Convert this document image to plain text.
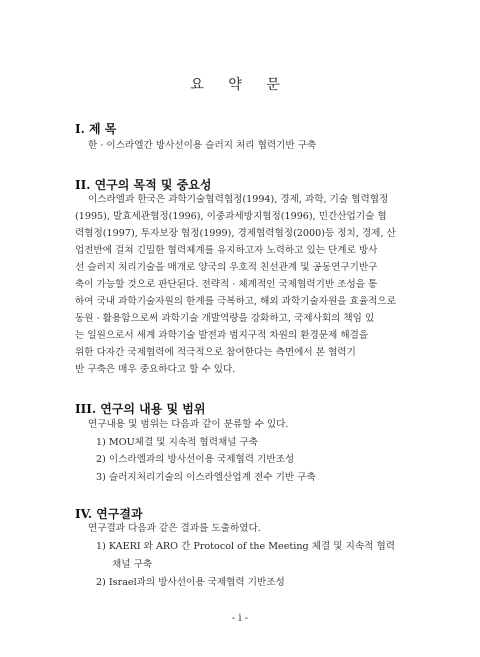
요 약 문
I. 제 목
한 · 이스라엘간 방사선이용 슬러지 처리 협력기반 구축
II. 연구의 목적 및 중요성
이스라엘과 한국은 과학기술협력협정(1994), 경제, 과학, 기술 협력협정
(1995), 발효세관협정(1996), 이중과세방지협정(1996), 민간산업기술 협
력협정(1997), 투자보장 협정(1999), 경제협력협정(2000)등 정치, 경제, 산
업전반에 걸쳐 긴밀한 협력체계를 유지하고자 노력하고 있는 단계로 방사
선 슬러지 처리기술을 매개로 양국의 우호적 친선관계 및 공동연구기반구
축이 가능할 것으로 판단된다. 전략적 · 체계적인 국제협력기반 조성을 통
하여 국내 과학기술자원의 한계를 극복하고, 해외 과학기술자원을 효율적으로
동원 · 활용함으로써 과학기술 개발역량을 강화하고, 국제사회의 책임 있
는 일원으로서 세계 과학기술 발전과 범지구적 차원의 환경문제 해결을
위한 다자간 국제협력에 적극적으로 참여한다는 측면에서 본 협력기
반 구축은 매우 중요하다고 할 수 있다.
III. 연구의 내용 및 범위
연구내용 및 범위는 다음과 같이 분류할 수 있다.
1) MOU체결 및 지속적 협력채널 구축
2) 이스라엘과의 방사선이용 국제협력 기반조성
3) 슬러지처리기술의 이스라엘산업계 전수 기반 구축
IV. 연구결과
연구결과 다음과 같은 결과를 도출하였다.
1) KAERI 와 ARO 간 Protocol of the Meeting 체결 및 지속적 협력
채널 구축
2) Israel과의 방사선이용 국제협력 기반조성
- i -
